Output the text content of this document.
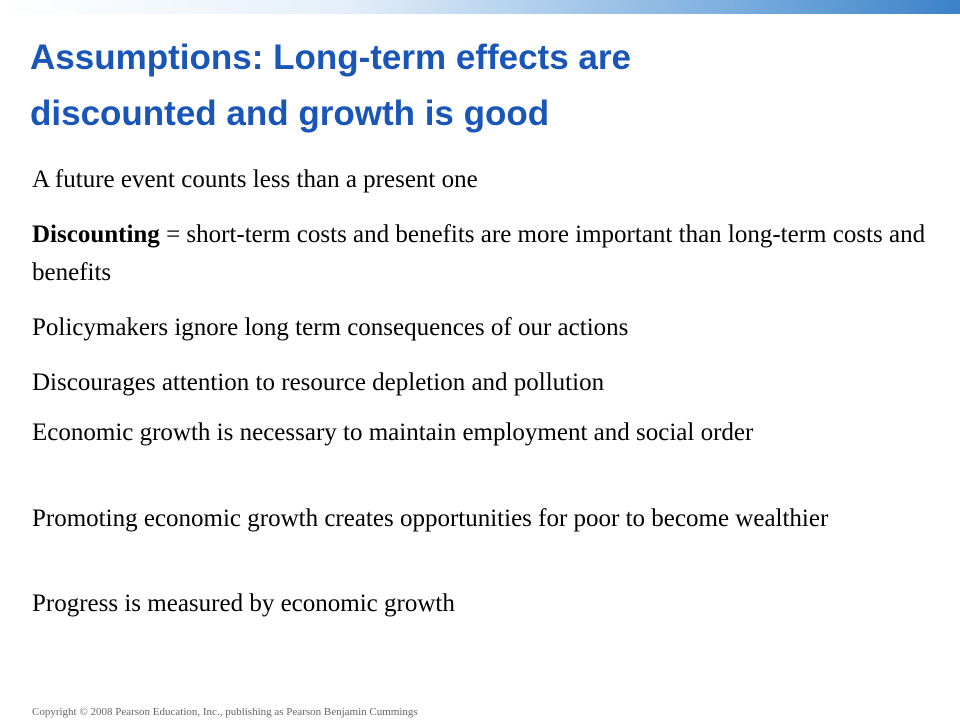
Assumptions: Long-term effects are
discounted and growth is good

A future event counts less than a present one

Discounting = short-term costs and benefits are more important than long-term costs and benefits

Policymakers ignore long term consequences of our actions

Discourages attention to resource depletion and pollution

Economic growth is necessary to maintain employment and social order

Promoting economic growth creates opportunities for poor to become wealthier

Progress is measured by economic growth

Copyright © 2008 Pearson Education, Inc., publishing as Pearson Benjamin Cummings
